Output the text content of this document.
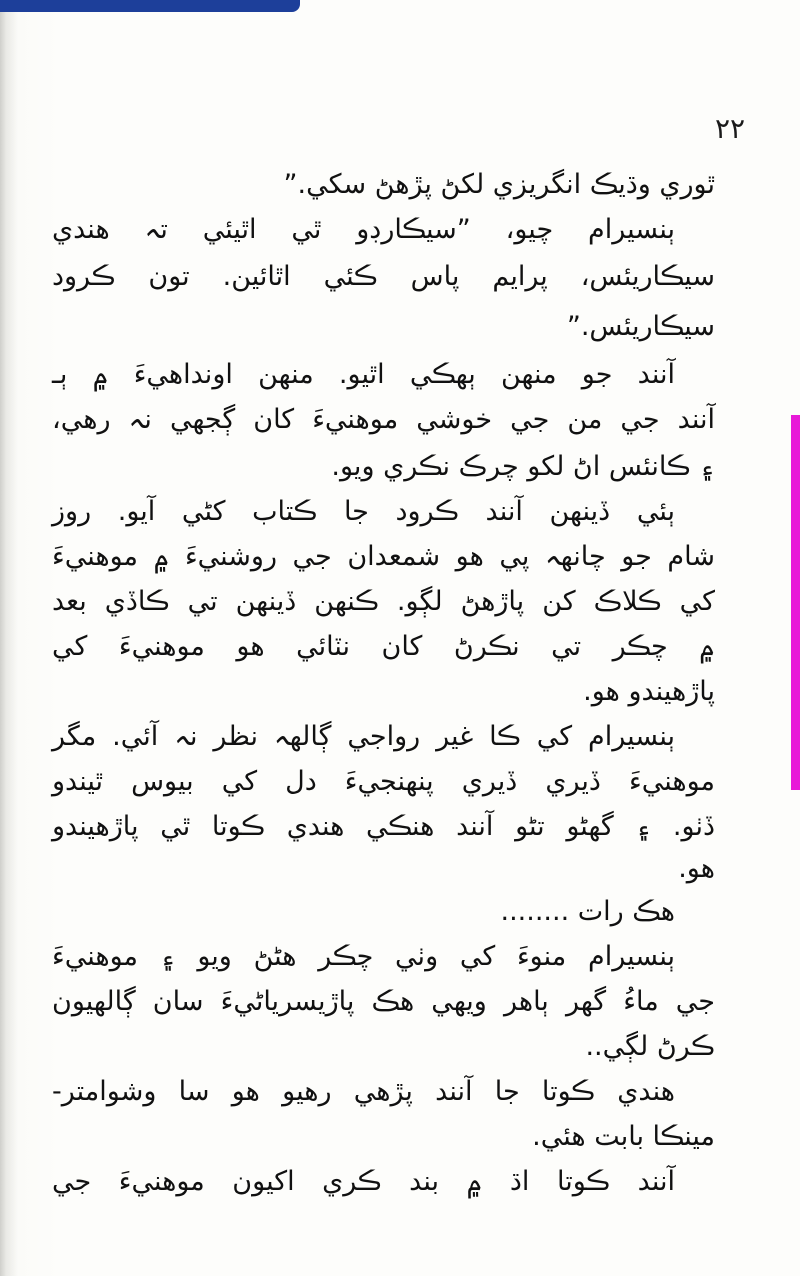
٢٢
ٿوري وڌيڪ انگريزي لکڻ پڙهڻ سکي.”
ٻنسيرام چيو، ”سيڪارڊو ٿي اٿيئي تہ هندي
سيڪاريئس، پرايم پاس ڪئي اٿائين. تون ڪرود
سيڪاريئس.”
آنند جو منهن ٻهڪي اٿيو. منهن اونداهيءَ ۾ ٻـ
آنند جي من جي خوشي موهنيءَ کان ڳجهي نہ رهي،
۽ ڪانئس اڻ لکو چرڪ نڪري ويو.
ٻئي ڏينهن آنند ڪرود جا ڪتاب کڻي آيو. روز
شام جو چانهہ پي هو شمعدان جي روشنيءَ ۾ موهنيءَ
کي ڪلاڪ کن پاڙهڻ لڳو. ڪنهن ڏينهن تي ڪاڏي بعد
۾ چڪر تي نڪرڻ کان نٽائي هو موهنيءَ کي
پاڙهيندو هو.
ٻنسيرام کي ڪا غير رواجي ڳالهہ نظر نہ آئي. مگر
موهنيءَ ڏيري ڏيري پنهنجيءَ دل کي بيوس ٿيندو
ڏٺو. ۽ گهڻو تڻو آنند هنڪي هندي ڪوتا ٿي پاڙهيندو
هو.
هڪ رات ........
ٻنسيرام منوءَ کي وٺي چڪر هڻڻ ويو ۽ موهنيءَ
جي ماءُ گهر ٻاهر ويهي هڪ پاڙيسرياڻيءَ سان ڳالهيون
ڪرڻ لڳي..
هندي ڪوتا جا آنند پڙهي رهيو هو سا وشوامتر-
مينڪا بابت هئي.
آنند ڪوتا اڌ ۾ بند ڪري اکيون موهنيءَ جي
